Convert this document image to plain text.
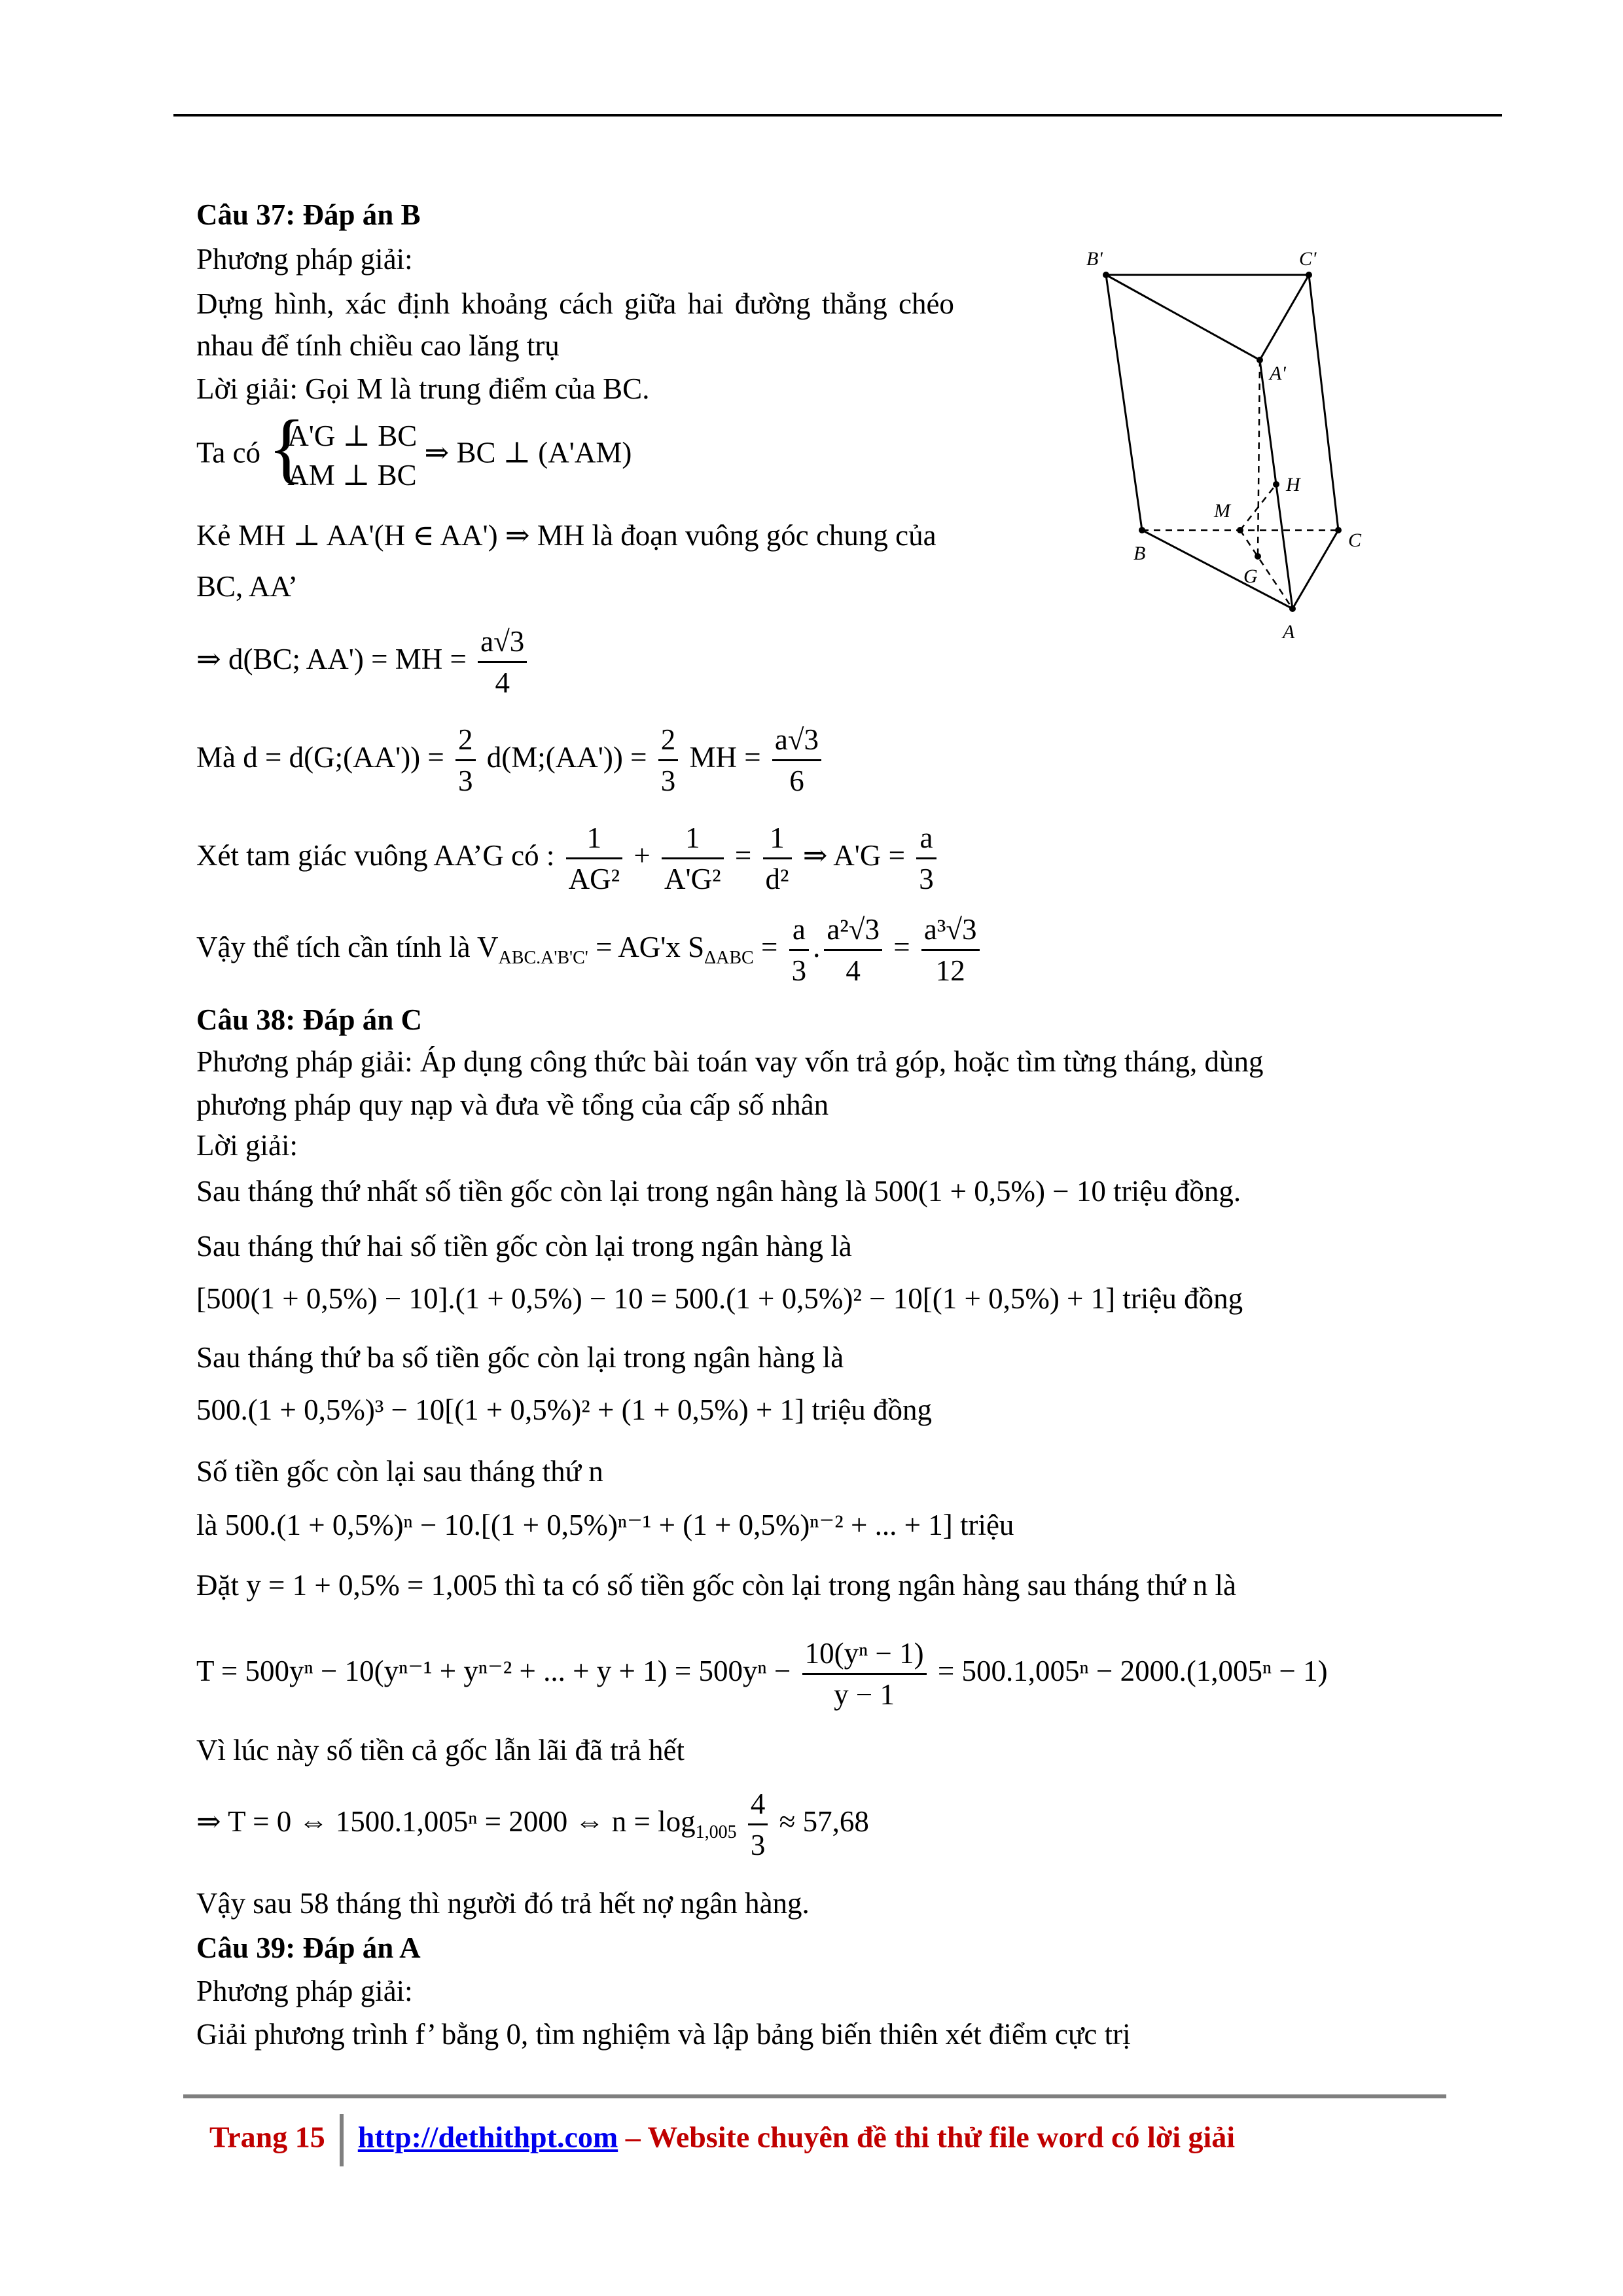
Câu 37: Đáp án B
Phương pháp giải:
Dựng hình, xác định khoảng cách giữa hai đường thẳng chéo
nhau để tính chiều cao lăng trụ
Lời giải: Gọi M là trung điểm của BC.
Ta có
{ A'G ⊥ BC
AM ⊥ BC
⇒ BC ⊥ (A'AM)
Kẻ MH ⊥ AA'(H ∈ AA') ⇒ MH là đoạn vuông góc chung của
BC, AA’
⇒ d(BC; AA') = MH = $\frac{a√3}{4}$
Mà d = d(G;(AA')) = $\frac{2}{3}$ d(M;(AA')) = $\frac{2}{3}$ MH = $\frac{a√3}{6}$
Xét tam giác vuông AA’G có : $\frac{1}{\text{AG²}} + \frac{1}{\text{A'G²}} = \frac{1}{\text{d²}}$ ⇒ $A'G = \frac{a}{3}$
Vậy thể tích cần tính là $V_{ABC.A'B'C'} = AG'x$ $S_{\Delta ABC} = \frac{a}{3}$ . $\frac{\text{a²√3}}{4} = \frac{\text{a³√3}}{12}$
Câu 38: Đáp án C
Phương pháp giải: Áp dụng công thức bài toán vay vốn trả góp, hoặc tìm từng tháng, dùng
phương pháp quy nạp và đưa về tổng của cấp số nhân
Lời giải:
Sau tháng thứ nhất số tiền gốc còn lại trong ngân hàng là 500(1 + 0,5%) − 10 triệu đồng.
Sau tháng thứ hai số tiền gốc còn lại trong ngân hàng là
[500(1 + 0,5%) − 10].(1 + 0,5%) − 10 = 500.(1 + 0,5%)² − 10[(1 + 0,5%) + 1] triệu đồng
Sau tháng thứ ba số tiền gốc còn lại trong ngân hàng là
500.(1 + 0,5%)³ − 10[(1 + 0,5%)² + (1 + 0,5%) + 1] triệu đồng
Số tiền gốc còn lại sau tháng thứ n
là 500.(1 + 0,5%)ⁿ − 10.[(1 + 0,5%)ⁿ⁻¹ + (1 + 0,5%)ⁿ⁻² + ... + 1] triệu
Đặt y = 1 + 0,5% = 1,005 thì ta có số tiền gốc còn lại trong ngân hàng sau tháng thứ n là
T = 500yⁿ − 10(yⁿ⁻¹ + yⁿ⁻² + ... + $y + 1) = 500y^n - \frac{\text{10(yⁿ − 1)}}{y - 1} = 500.1,005^n - 2000.(1,005^n - 1)$
Vì lúc này số tiền cả gốc lẫn lãi đã trả hết
⇒ T = 0 ⇔ 1500.1,005ⁿ = 2000 ⇔ $n = \log_{1,005} \frac{4}{3} \approx 57,68$
Vậy sau 58 tháng thì người đó trả hết nợ ngân hàng.
Câu 39: Đáp án A
Phương pháp giải:
Giải phương trình f’ bằng 0, tìm nghiệm và lập bảng biến thiên xét điểm cực trị
B'	C'
A'
H
M
B
C
G
A
Trang 15 http://dethithpt.com – Website chuyên đề thi thử file word có lời giải
